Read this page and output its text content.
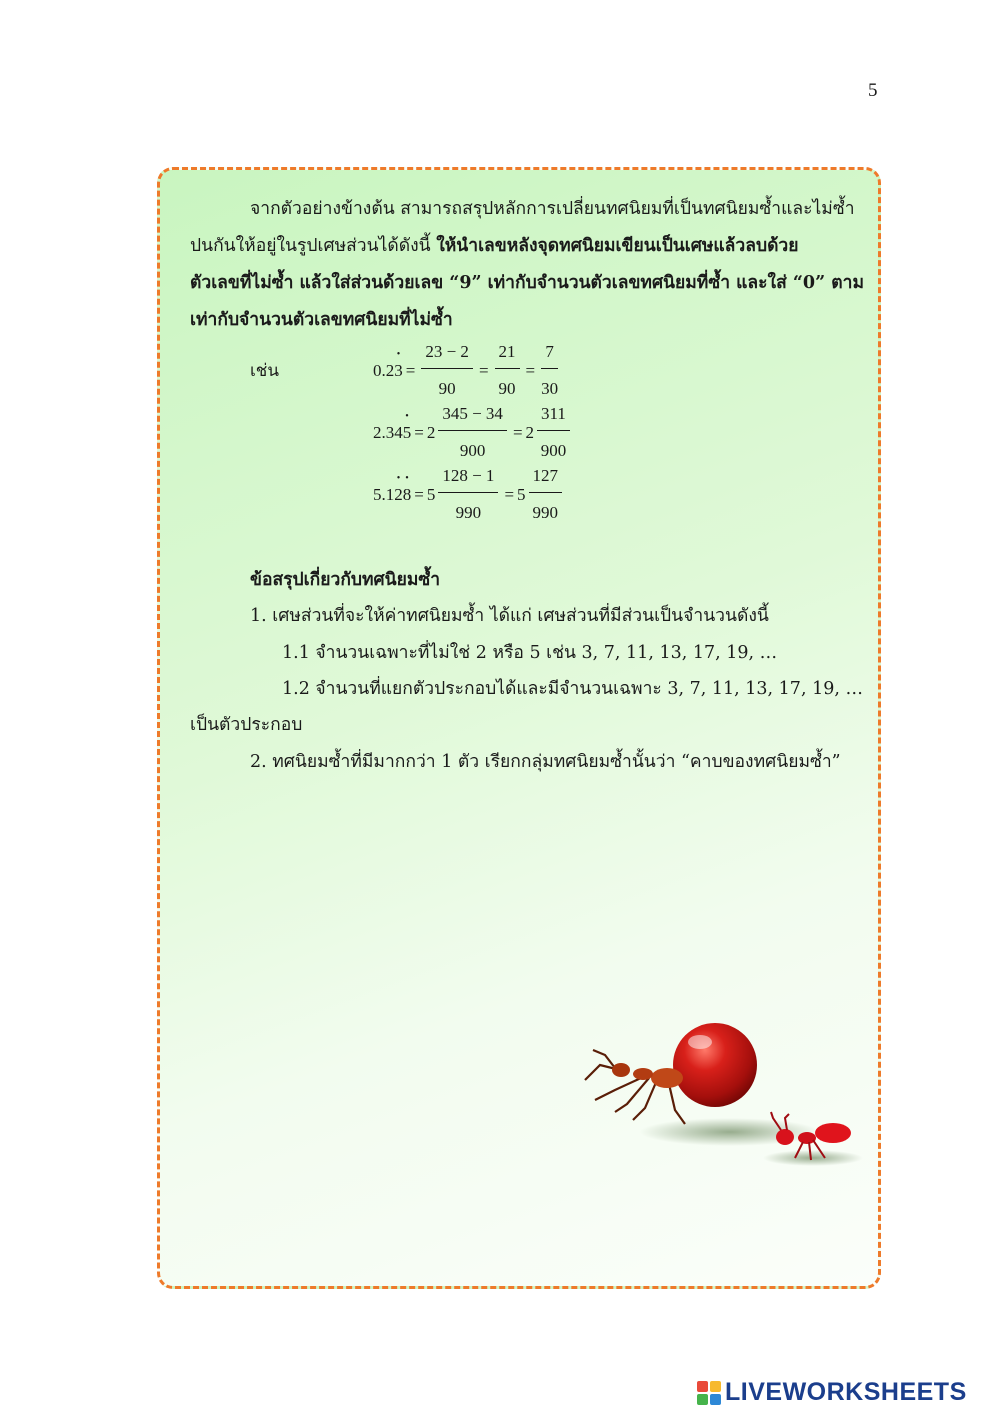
5
จากตัวอย่างข้างต้น สามารถสรุปหลักการเปลี่ยนทศนิยมที่เป็นทศนิยมซ้ำและไม่ซ้ำ
ปนกันให้อยู่ในรูปเศษส่วนได้ดังนี้ ให้นำเลขหลังจุดทศนิยมเขียนเป็นเศษแล้วลบด้วย
ตัวเลขที่ไม่ซ้ำ แล้วใส่ส่วนด้วยเลข “9” เท่ากับจำนวนตัวเลขทศนิยมที่ซ้ำ และใส่ “0” ตาม
เท่ากับจำนวนตัวเลขทศนิยมที่ไม่ซ้ำ
เช่น	0.23 • = $\frac{23 - 2}{90} = \frac{21}{90} = \frac{7}{30}$
2.345 • = $2 \frac{345 - 34}{900} = 2 \frac{311}{900}$
5.12 •8 • = $5 \frac{128 - 1}{990} = 5 \frac{127}{990}$
ข้อสรุปเกี่ยวกับทศนิยมซ้ำ
1. เศษส่วนที่จะให้ค่าทศนิยมซ้ำ ได้แก่ เศษส่วนที่มีส่วนเป็นจำนวนดังนี้
1.1 จำนวนเฉพาะที่ไม่ใช่ 2 หรือ 5 เช่น 3, 7, 11, 13, 17, 19, …
1.2 จำนวนที่แยกตัวประกอบได้และมีจำนวนเฉพาะ 3, 7, 11, 13, 17, 19, …
เป็นตัวประกอบ
2. ทศนิยมซ้ำที่มีมากกว่า 1 ตัว เรียกกลุ่มทศนิยมซ้ำนั้นว่า “คาบของทศนิยมซ้ำ”
LIVEWORKSHEETS
